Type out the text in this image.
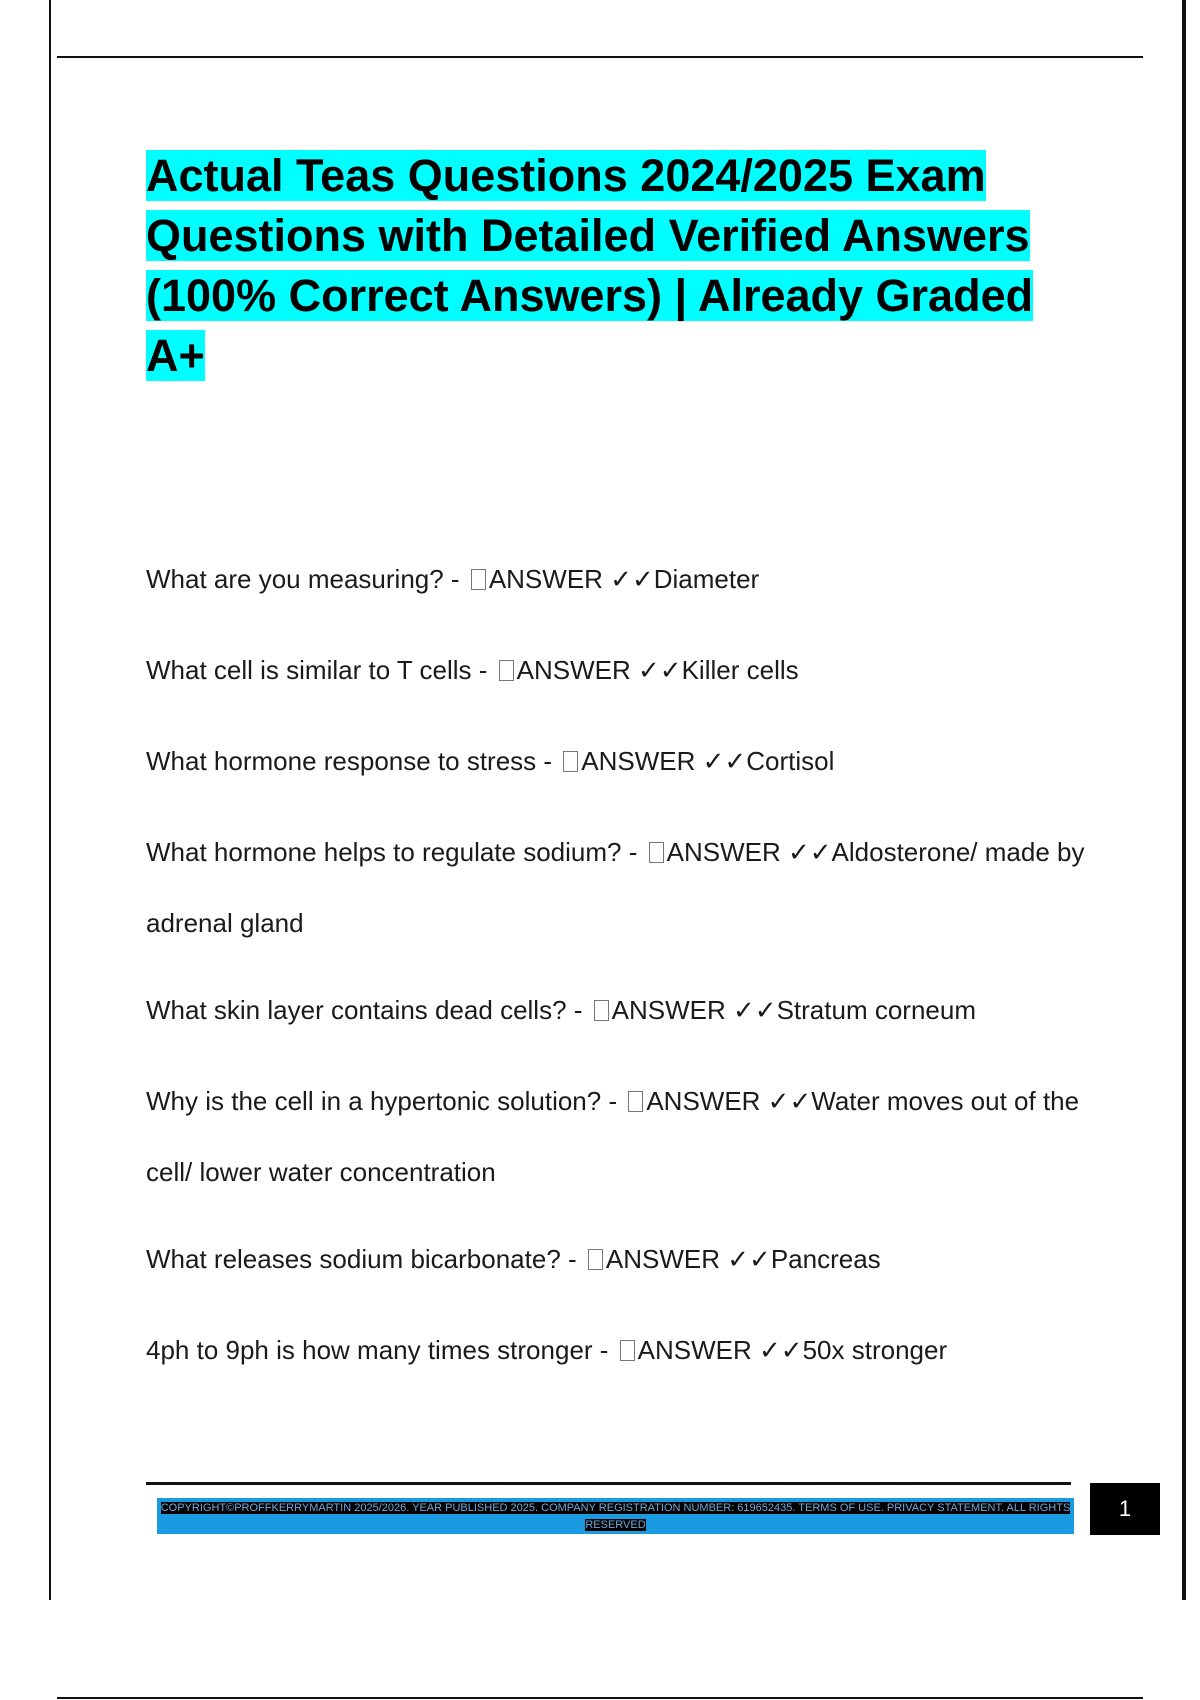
Actual Teas Questions 2024/2025 Exam Questions with Detailed Verified Answers (100% Correct Answers) | Already Graded A+

What are you measuring? - ANSWER ✓✓Diameter

What cell is similar to T cells - ANSWER ✓✓Killer cells

What hormone response to stress - ANSWER ✓✓Cortisol

What hormone helps to regulate sodium? - ANSWER ✓✓Aldosterone/ made by adrenal gland

What skin layer contains dead cells? - ANSWER ✓✓Stratum corneum

Why is the cell in a hypertonic solution? - ANSWER ✓✓Water moves out of the cell/ lower water concentration

What releases sodium bicarbonate? - ANSWER ✓✓Pancreas

4ph to 9ph is how many times stronger - ANSWER ✓✓50x stronger

COPYRIGHT©PROFFKERRYMARTIN 2025/2026. YEAR PUBLISHED 2025. COMPANY REGISTRATION NUMBER: 619652435. TERMS OF USE. PRIVACY STATEMENT. ALL RIGHTS RESERVED

1
